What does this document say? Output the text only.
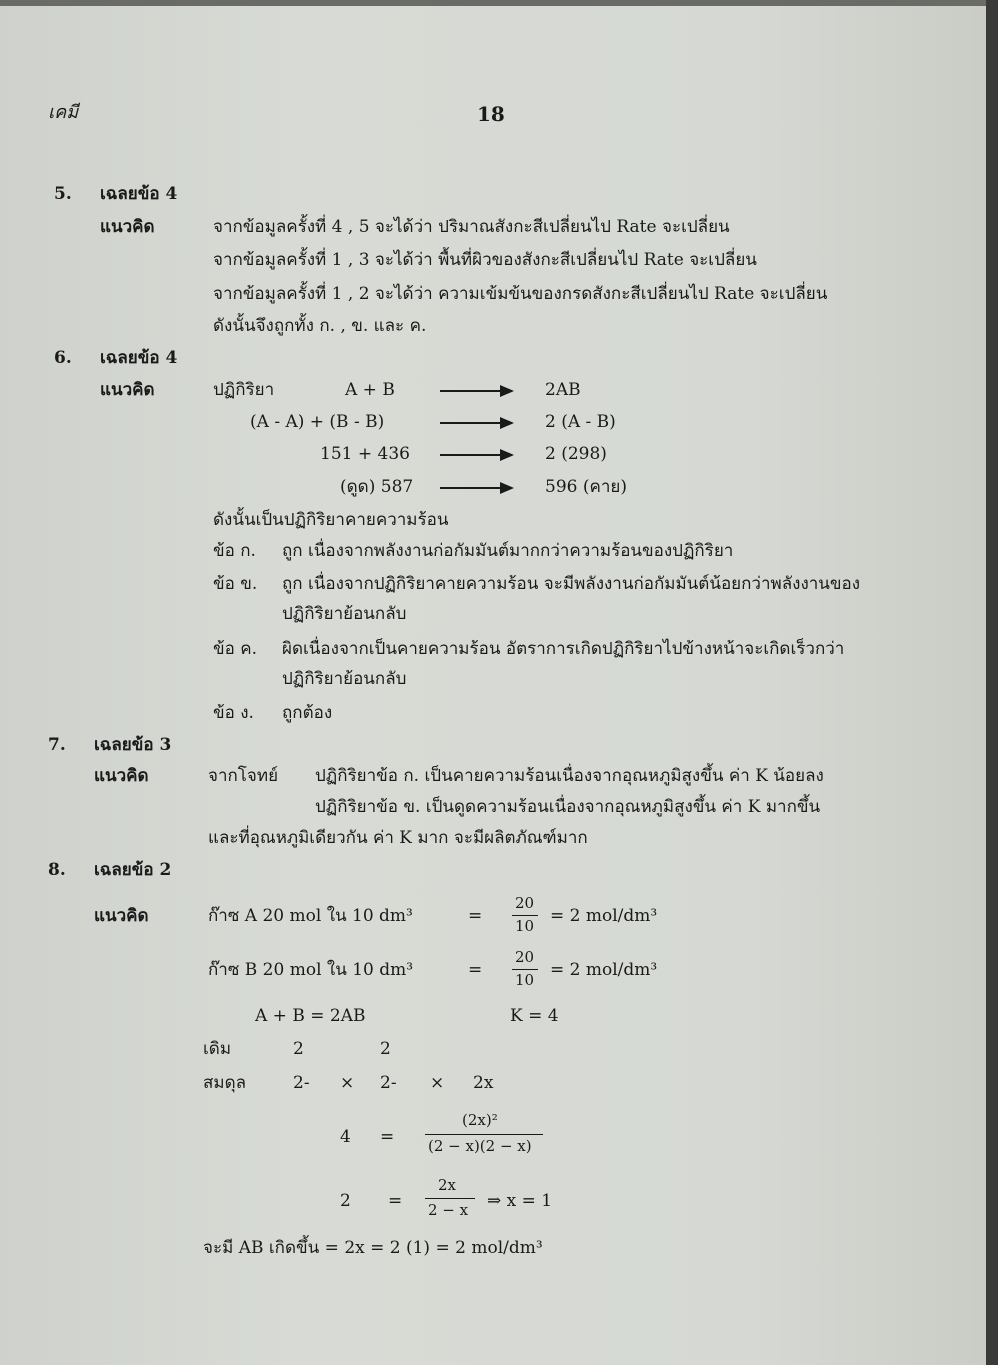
เคมี	18
5. เฉลยข้อ 4
แนวคิด	จากข้อมูลครั้งที่ 4 , 5 จะได้ว่า ปริมาณสังกะสีเปลี่ยนไป Rate จะเปลี่ยน
จากข้อมูลครั้งที่ 1 , 3 จะได้ว่า พื้นที่ผิวของสังกะสีเปลี่ยนไป Rate จะเปลี่ยน
จากข้อมูลครั้งที่ 1 , 2 จะได้ว่า ความเข้มข้นของกรดสังกะสีเปลี่ยนไป Rate จะเปลี่ยน
ดังนั้นจึงถูกทั้ง ก. , ข. และ ค.
6. เฉลยข้อ 4
แนวคิด	ปฏิกิริยา	A + B	2AB
(A - A) + (B - B)	2 (A - B)
151 + 436	2 (298)
(ดูด) 587	596 (คาย)
ดังนั้นเป็นปฏิกิริยาคายความร้อน
ข้อ ก. ถูก เนื่องจากพลังงานก่อกัมมันต์มากกว่าความร้อนของปฏิกิริยา
ข้อ ข. ถูก เนื่องจากปฏิกิริยาคายความร้อน จะมีพลังงานก่อกัมมันต์น้อยกว่าพลังงานของ
ปฏิกิริยาย้อนกลับ
ข้อ ค. ผิดเนื่องจากเป็นคายความร้อน อัตราการเกิดปฏิกิริยาไปข้างหน้าจะเกิดเร็วกว่า
ปฏิกิริยาย้อนกลับ
ข้อ ง. ถูกต้อง
7. เฉลยข้อ 3
แนวคิด	จากโจทย์ ปฏิกิริยาข้อ ก. เป็นคายความร้อนเนื่องจากอุณหภูมิสูงขึ้น ค่า K น้อยลง
ปฏิกิริยาข้อ ข. เป็นดูดความร้อนเนื่องจากอุณหภูมิสูงขึ้น ค่า K มากขึ้น
และที่อุณหภูมิเดียวกัน ค่า K มาก จะมีผลิตภัณฑ์มาก
8. เฉลยข้อ 2
แนวคิด	ก๊าซ A 20 mol ใน 10 dm³	=
20
10 = 2 mol/dm³
ก๊าซ B 20 mol ใน 10 dm³	=
20
10 = 2 mol/dm³
A + B = 2AB	K = 4
เดิม	2	2
สมดุล	2- × 2- × 2x
4 =
(2x)²
(2 − x)(2 − x)
2 =
2x
2 − x ⇒ x = 1
จะมี AB เกิดขึ้น = 2x = 2 (1) = 2 mol/dm³
